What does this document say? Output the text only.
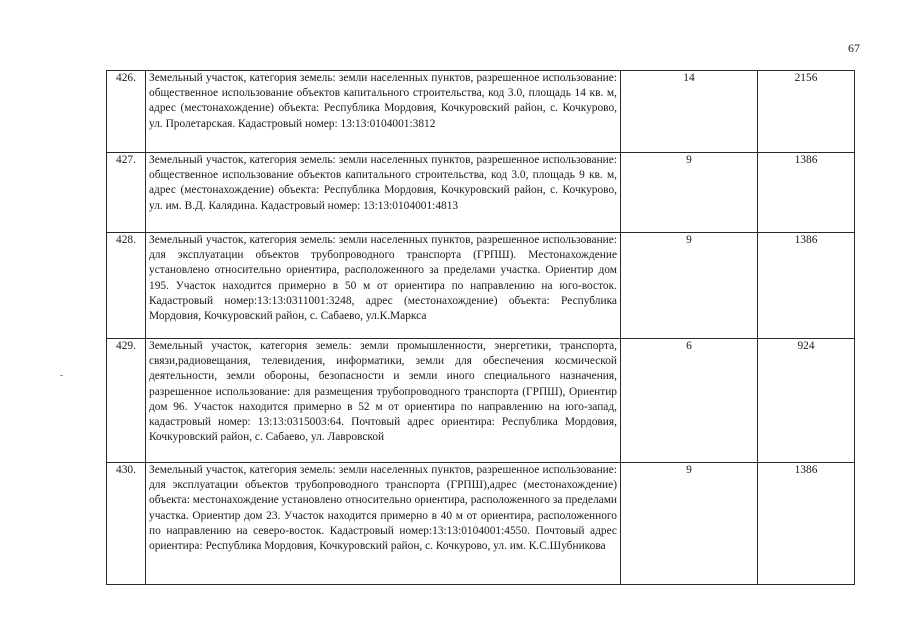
67
426.	Земельный участок, категория земель: земли населенных пунктов, разрешенное использование: общественное использование объектов капитального строительства, код 3.0, площадь 14 кв. м, адрес (местонахождение) объекта: Республика Мордовия, Кочкуровский район, с. Кочкурово, ул. Пролетарская. Кадастровый номер: 13:13:0104001:3812	14	2156
427.	Земельный участок, категория земель: земли населенных пунктов, разрешенное использование: общественное использование объектов капитального строительства, код 3.0, площадь 9 кв. м, адрес (местонахождение) объекта: Республика Мордовия, Кочкуровский район, с. Кочкурово, ул. им. В.Д. Калядина. Кадастровый номер: 13:13:0104001:4813	9	1386
428.	Земельный участок, категория земель: земли населенных пунктов, разрешенное использование: для эксплуатации объектов трубопроводного транспорта (ГРПШ). Местонахождение установлено относительно ориентира, расположенного за пределами участка. Ориентир дом 195. Участок находится примерно в 50 м от ориентира по направлению на юго-восток. Кадастровый номер:13:13:0311001:3248, адрес (местонахождение) объекта: Республика Мордовия, Кочкуровский район, с. Сабаево, ул.К.Маркса	9	1386
429.	Земельный участок, категория земель: земли промышленности, энергетики, транспорта, связи,радиовещания, телевидения, информатики, земли для обеспечения космической деятельности, земли обороны, безопасности и земли иного специального назначения, разрешенное использование: для размещения трубопроводного транспорта (ГРПШ), Ориентир дом 96. Участок находится примерно в 52 м от ориентира по направлению на юго-запад, кадастровый номер: 13:13:0315003:64. Почтовый адрес ориентира: Республика Мордовия, Кочкуровский район, с. Сабаево, ул. Лавровской	6	924
430.	Земельный участок, категория земель: земли населенных пунктов, разрешенное использование: для эксплуатации объектов трубопроводного транспорта (ГРПШ),адрес (местонахождение) объекта: местонахождение установлено относительно ориентира, расположенного за пределами участка. Ориентир дом 23. Участок находится примерно в 40 м от ориентира, расположенного по направлению на северо-восток. Кадастровый номер:13:13:0104001:4550. Почтовый адрес ориентира: Республика Мордовия, Кочкуровский район, с. Кочкурово, ул. им. К.С.Шубникова	9	1386
